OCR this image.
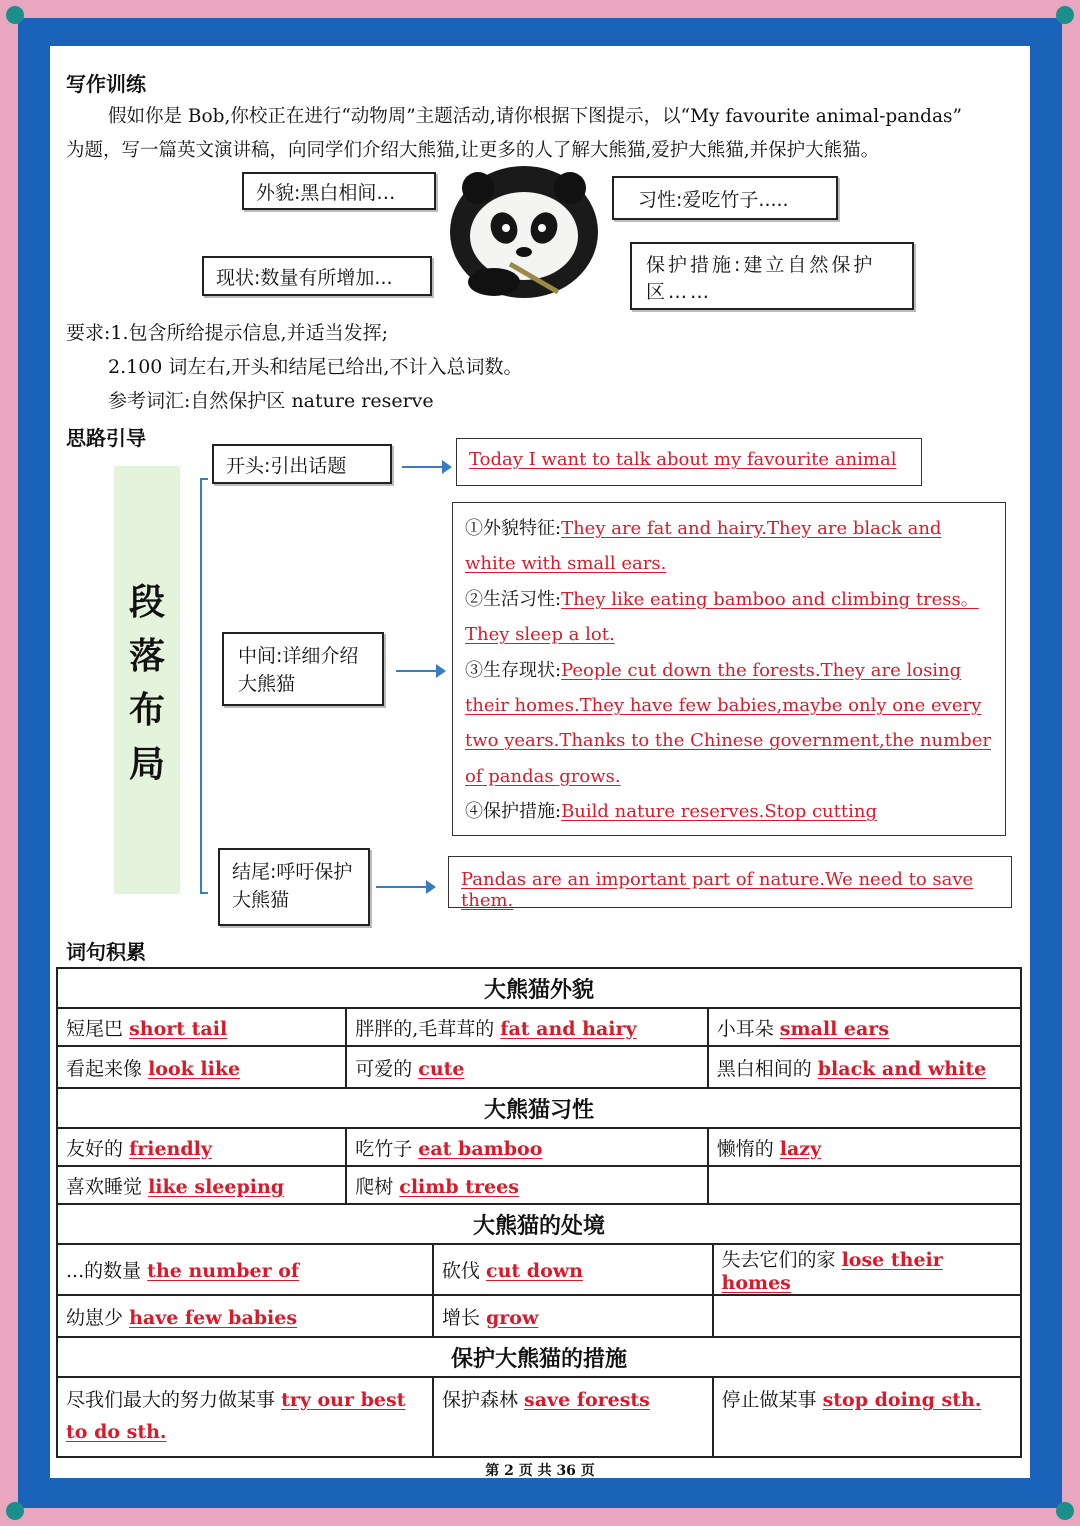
写作训练
假如你是 Bob,你校正在进行“动物周”主题活动,请你根据下图提示，以“My favourite animal-pandas”
为题，写一篇英文演讲稿，向同学们介绍大熊猫,让更多的人了解大熊猫,爱护大熊猫,并保护大熊猫。
外貌:黑白相间…	习性:爱吃竹子.....
现状:数量有所增加...
保护措施:建立自然保护区……
要求:1.包含所给提示信息,并适当发挥;
2.100 词左右,开头和结尾已给出,不计入总词数。
参考词汇:自然保护区 nature reserve
思路引导
段
落
布
局
开头:引出话题	Today I want to talk about my favourite animal
中间:详细介绍大熊猫
①外貌特征:They are fat and hairy.They are black and white with small ears.
②生活习性:They like eating bamboo and climbing tress。They sleep a lot.
③生存现状:People cut down the forests.They are losing their homes.They have few babies,maybe only one every two years.Thanks to the Chinese government,the number of pandas grows.
④保护措施:Build nature reserves.Stop cutting
结尾:呼吁保护大熊猫
Pandas are an important part of nature.We need to save them.
词句积累
大熊猫外貌		
短尾巴 short tail	胖胖的,毛茸茸的 fat and hairy	小耳朵 small ears
看起来像 look like	可爱的 cute	黑白相间的 black and white
大熊猫习性		
友好的 friendly	吃竹子 eat bamboo	懒惰的 lazy
喜欢睡觉 like sleeping	爬树 climb trees	
大熊猫的处境		
...的数量 the number of	砍伐 cut down	失去它们的家 lose their homes
幼崽少 have few babies	增长 grow	
保护大熊猫的措施		
尽我们最大的努力做某事 try our best to do sth.	保护森林 save forests	停止做某事 stop doing sth.
第 2 页 共 36 页
